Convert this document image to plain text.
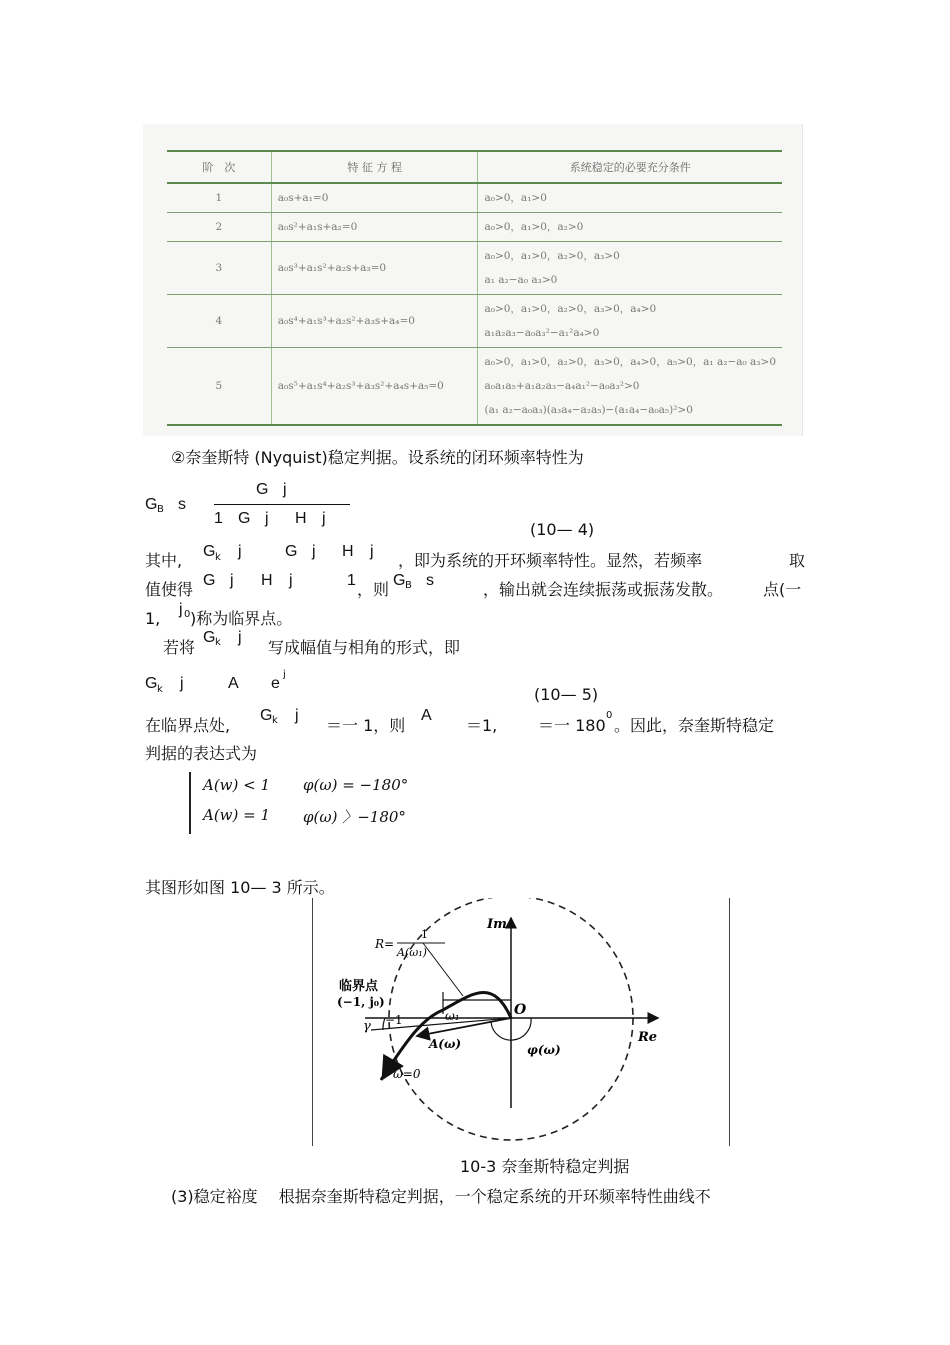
阶　次	特 征 方 程	系统稳定的必要充分条件
1	a₀s+a₁=0	a₀>0，a₁>0

2	a₀s²+a₁s+a₂=0	a₀>0，a₁>0，a₂>0

3	a₀s³+a₁s²+a₂s+a₃=0	a₀>0，a₁>0，a₂>0，a₃>0
a₁ a₂−a₀ a₃>0

4	a₀s⁴+a₁s³+a₂s²+a₃s+a₄=0	a₀>0，a₁>0，a₂>0，a₃>0，a₄>0
a₁a₂a₃−a₀a₃²−a₁²a₄>0

5	a₀s⁵+a₁s⁴+a₂s³+a₃s²+a₄s+a₅=0	a₀>0，a₁>0，a₂>0，a₃>0，a₄>0，a₅>0，a₁ a₂−a₀ a₃>0
a₀a₁a₅+a₁a₂a₃−a₄a₁²−a₀a₃²>0
(a₁ a₂−a₀a₃)(a₃a₄−a₂a₅)−(a₁a₄−a₀a₅)²>0
②奈奎斯特 (Nyquist)稳定判据。设系统的闭环频率特性为
G B s
G j
1 G j H j
(10— 4)
其中, G k j	G j H j ，即为系统的开环频率特性。显然，若频率	取
值使得 G j H j	1 ，则 G B s	，输出就会连续振荡或振荡发散。 点(一
1, j 0 )称为临界点。
若将
G k j
写成幅值与相角的形式，即
G k j	A e
j
(10— 5)
在临界点处,
G k j
＝一 1，则
A
＝1,	＝一 180
0
。因此，奈奎斯特稳定
判据的表达式为
A(w) < 1 φ(ω) = −180°
A(w) = 1 φ(ω) 〉−180°
其图形如图 10— 3 所示。
Im
Re
O
R=
1
A(ω₁)
临界点
(−1, j₀)
−1
γ
ω₁
A(ω)	φ(ω)
ω=0
10-3 奈奎斯特稳定判据
(3)稳定裕度　 根据奈奎斯特稳定判据，一个稳定系统的开环频率特性曲线不
